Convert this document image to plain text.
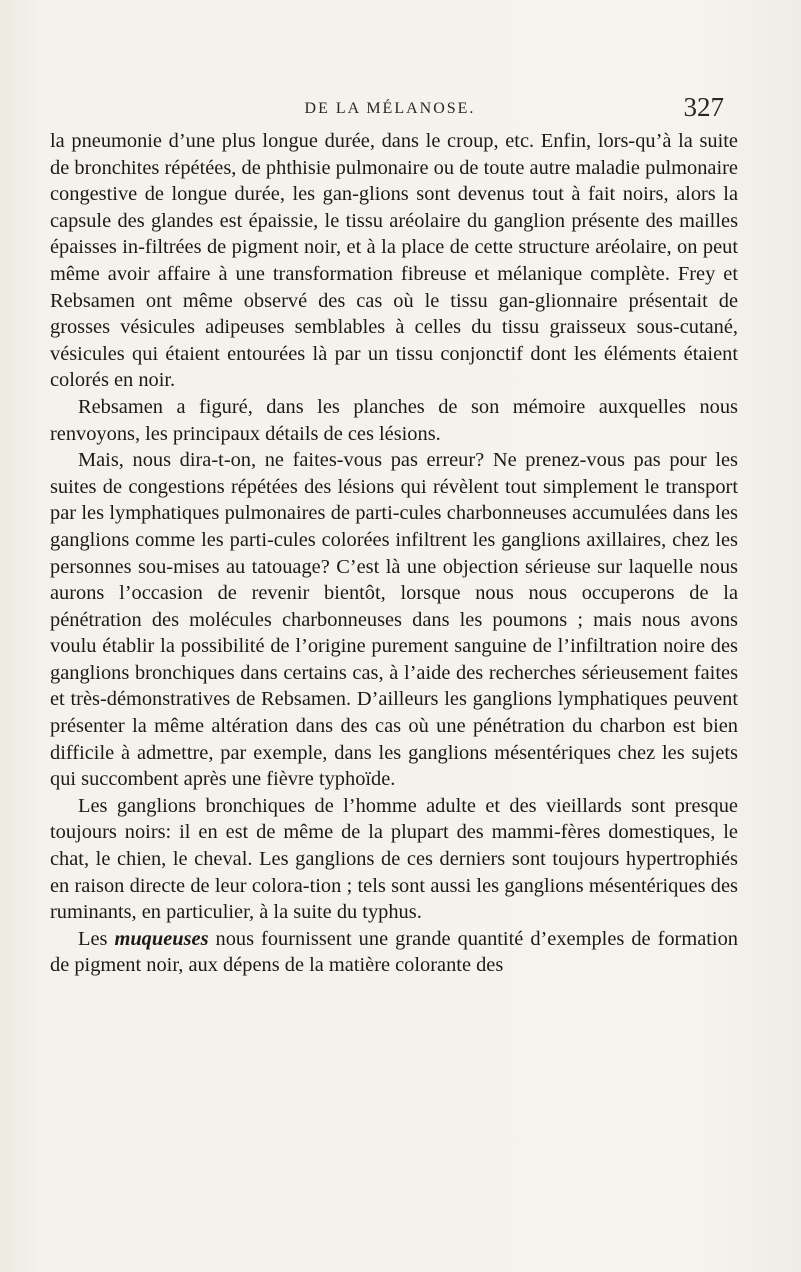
DE LA MÉLANOSE.	327

la pneumonie d’une plus longue durée, dans le croup, etc. Enfin, lors-qu’à la suite de bronchites répétées, de phthisie pulmonaire ou de toute autre maladie pulmonaire congestive de longue durée, les gan-glions sont devenus tout à fait noirs, alors la capsule des glandes est épaissie, le tissu aréolaire du ganglion présente des mailles épaisses in-filtrées de pigment noir, et à la place de cette structure aréolaire, on peut même avoir affaire à une transformation fibreuse et mélanique complète. Frey et Rebsamen ont même observé des cas où le tissu gan-glionnaire présentait de grosses vésicules adipeuses semblables à celles du tissu graisseux sous-cutané, vésicules qui étaient entourées là par un tissu conjonctif dont les éléments étaient colorés en noir.

Rebsamen a figuré, dans les planches de son mémoire auxquelles nous renvoyons, les principaux détails de ces lésions.

Mais, nous dira-t-on, ne faites-vous pas erreur? Ne prenez-vous pas pour les suites de congestions répétées des lésions qui révèlent tout simplement le transport par les lymphatiques pulmonaires de parti-cules charbonneuses accumulées dans les ganglions comme les parti-cules colorées infiltrent les ganglions axillaires, chez les personnes sou-mises au tatouage? C’est là une objection sérieuse sur laquelle nous aurons l’occasion de revenir bientôt, lorsque nous nous occuperons de la pénétration des molécules charbonneuses dans les poumons ; mais nous avons voulu établir la possibilité de l’origine purement sanguine de l’infiltration noire des ganglions bronchiques dans certains cas, à l’aide des recherches sérieusement faites et très-démonstratives de Rebsamen. D’ailleurs les ganglions lymphatiques peuvent présenter la même altération dans des cas où une pénétration du charbon est bien difficile à admettre, par exemple, dans les ganglions mésentériques chez les sujets qui succombent après une fièvre typhoïde.

Les ganglions bronchiques de l’homme adulte et des vieillards sont presque toujours noirs: il en est de même de la plupart des mammi-fères domestiques, le chat, le chien, le cheval. Les ganglions de ces derniers sont toujours hypertrophiés en raison directe de leur colora-tion ; tels sont aussi les ganglions mésentériques des ruminants, en particulier, à la suite du typhus.

Les muqueuses nous fournissent une grande quantité d’exemples de formation de pigment noir, aux dépens de la matière colorante des
